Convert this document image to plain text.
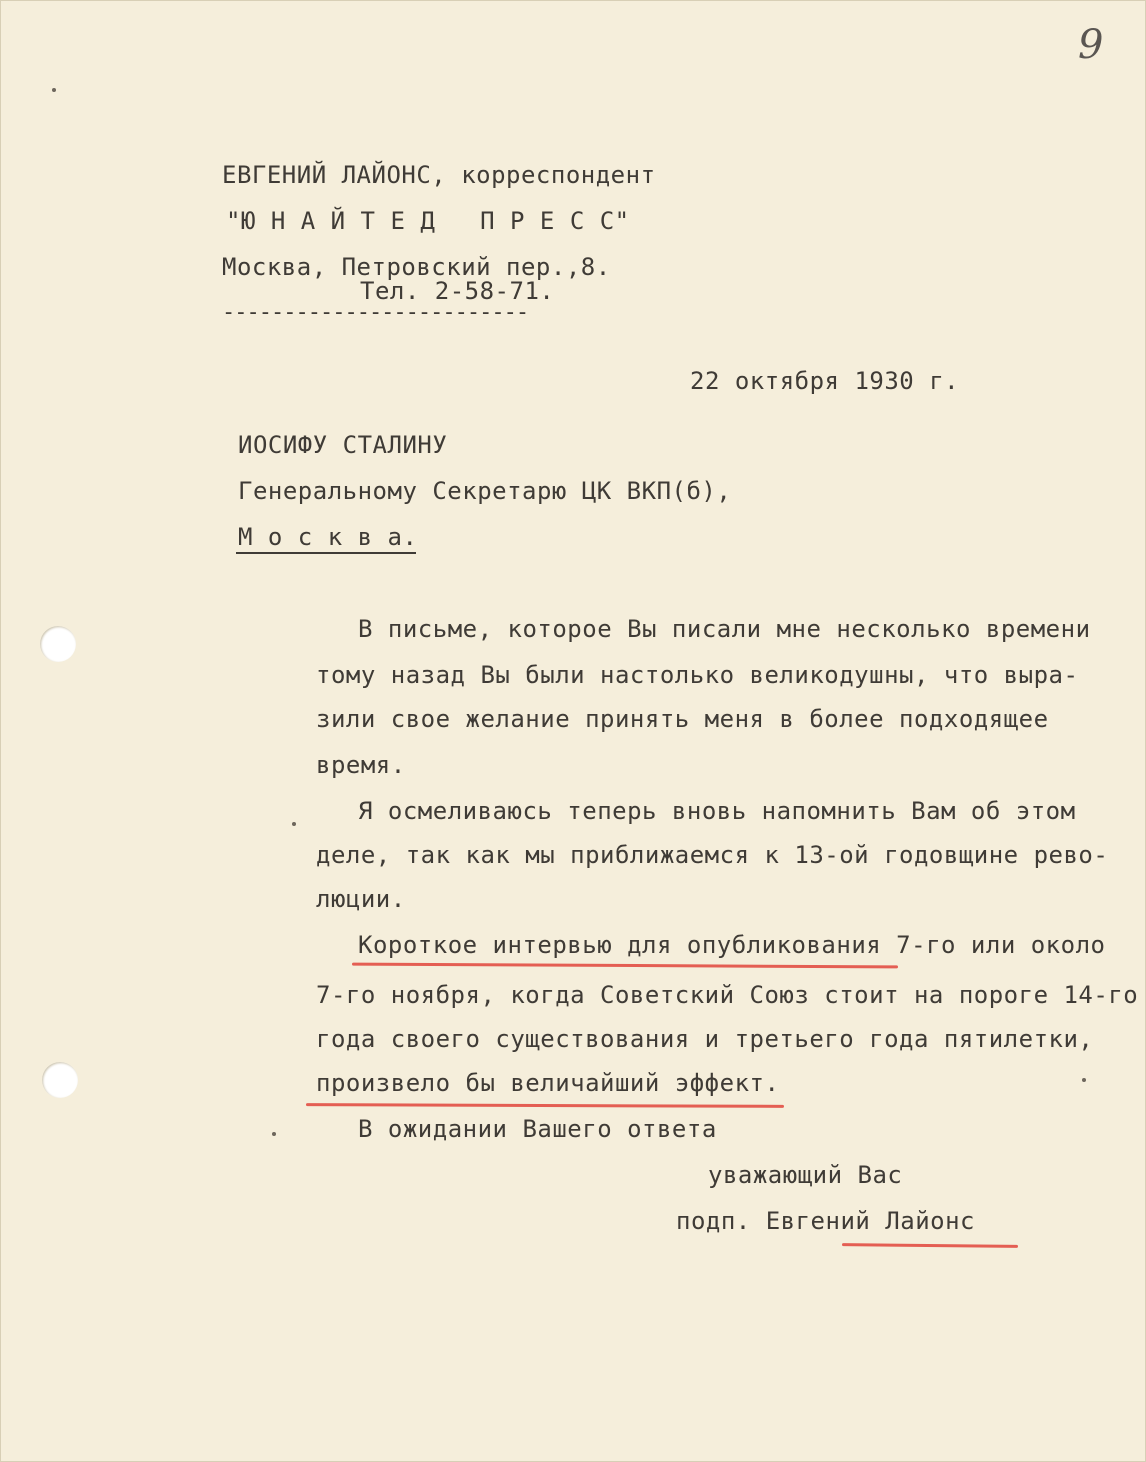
9
ЕВГЕНИЙ ЛАЙОНС, корреспондент
"Ю Н А Й Т Е Д   П Р Е С С"
Москва, Петровский пер.,8.
Тел. 2-58-71.
-------------------------
22 октября 1930 г.
ИОСИФУ СТАЛИНУ
Генеральному Секретарю ЦК ВКП(б),
М о с к в а.
В письме, которое Вы писали мне несколько времени
тому назад Вы были настолько великодушны, что выра-
зили свое желание принять меня в более подходящее
время.
Я осмеливаюсь теперь вновь напомнить Вам об этом
деле, так как мы приближаемся к 13-ой годовщине рево-
люции.
Короткое интервью для опубликования 7-го или около
7-го ноября, когда Советский Союз стоит на пороге 14-го
года своего существования и третьего года пятилетки,
произвело бы величайший эффект.
В ожидании Вашего ответа
уважающий Вас
подп. Евгений Лайонс
